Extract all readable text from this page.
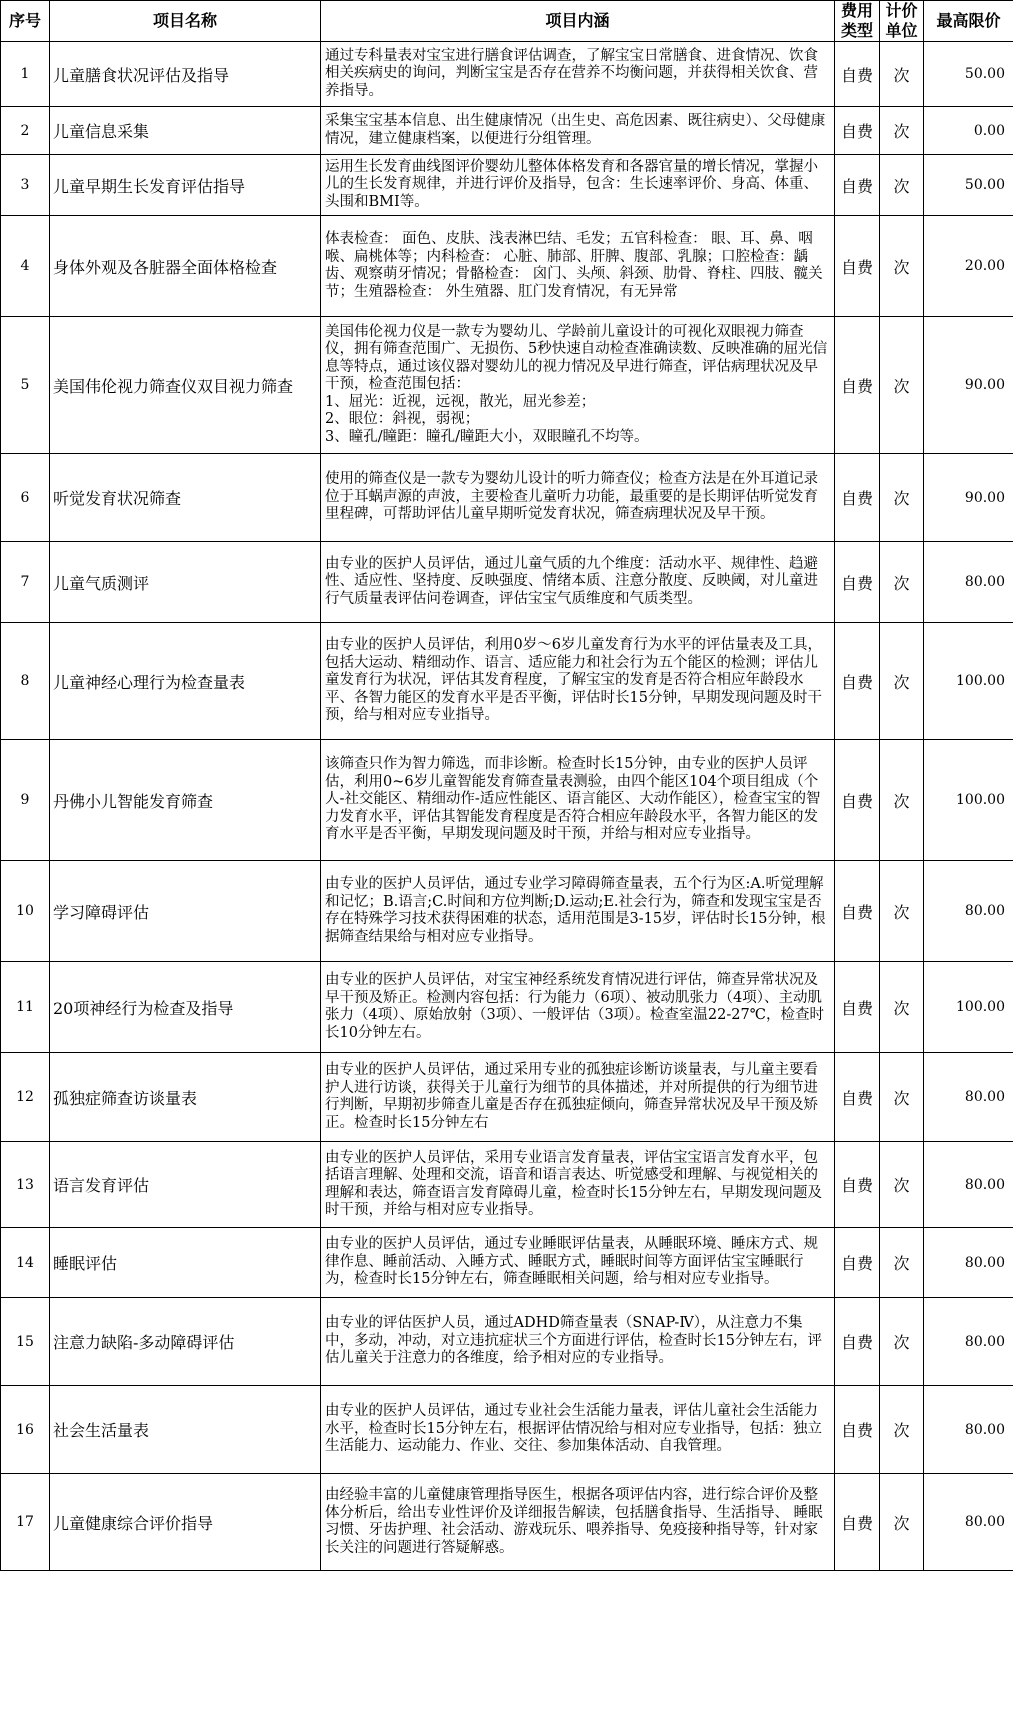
序号	项目名称	项目内涵	费用类型	计价单位	最高限价
1	儿童膳食状况评估及指导	通过专科量表对宝宝进行膳食评估调查，了解宝宝日常膳食、进食情况、饮食相关疾病史的询问，判断宝宝是否存在营养不均衡问题，并获得相关饮食、营养指导。	自费	次	50.00
2	儿童信息采集	采集宝宝基本信息、出生健康情况（出生史、高危因素、既往病史）、父母健康情况，建立健康档案，以便进行分组管理。	自费	次	0.00
3	儿童早期生长发育评估指导	运用生长发育曲线图评价婴幼儿整体体格发育和各器官量的增长情况，掌握小儿的生长发育规律，并进行评价及指导，包含：生长速率评价、身高、体重、头围和BMI等。	自费	次	50.00
4	身体外观及各脏器全面体格检查	体表检查： 面色、皮肤、浅表淋巴结、毛发；五官科检查： 眼、耳、鼻、咽喉、扁桃体等；内科检查： 心脏、肺部、肝脾、腹部、乳腺；口腔检查：龋齿、观察萌牙情况；骨骼检查： 囟门、头颅、斜颈、肋骨、脊柱、四肢、髋关节；生殖器检查： 外生殖器、肛门发育情况，有无异常	自费	次	20.00
5	美国伟伦视力筛查仪双目视力筛查	美国伟伦视力仪是一款专为婴幼儿、学龄前儿童设计的可视化双眼视力筛查仪，拥有筛查范围广、无损伤、5秒快速自动检查准确读数、反映准确的屈光信息等特点，通过该仪器对婴幼儿的视力情况及早进行筛查，评估病理状况及早干预，检查范围包括：
1、屈光：近视，远视，散光，屈光参差；
2、眼位：斜视，弱视；
3、瞳孔/瞳距：瞳孔/瞳距大小，双眼瞳孔不均等。	自费	次	90.00
6	听觉发育状况筛查	使用的筛查仪是一款专为婴幼儿设计的听力筛查仪；检查方法是在外耳道记录位于耳蜗声源的声波，主要检查儿童听力功能，最重要的是长期评估听觉发育里程碑，可帮助评估儿童早期听觉发育状况，筛查病理状况及早干预。	自费	次	90.00
7	儿童气质测评	由专业的医护人员评估，通过儿童气质的九个维度：活动水平、规律性、趋避性、适应性、坚持度、反映强度、情绪本质、注意分散度、反映阈，对儿童进行气质量表评估问卷调查，评估宝宝气质维度和气质类型。	自费	次	80.00
8	儿童神经心理行为检查量表	由专业的医护人员评估，利用0岁～6岁儿童发育行为水平的评估量表及工具，包括大运动、精细动作、语言、适应能力和社会行为五个能区的检测；评估儿童发育行为状况，评估其发育程度，了解宝宝的发育是否符合相应年龄段水平、各智力能区的发育水平是否平衡，评估时长15分钟，早期发现问题及时干预，给与相对应专业指导。	自费	次	100.00
9	丹佛小儿智能发育筛查	该筛查只作为智力筛选，而非诊断。检查时长15分钟，由专业的医护人员评估，利用0~6岁儿童智能发育筛查量表测验，由四个能区104个项目组成（个人-社交能区、精细动作-适应性能区、语言能区、大动作能区），检查宝宝的智力发育水平，评估其智能发育程度是否符合相应年龄段水平，各智力能区的发育水平是否平衡，早期发现问题及时干预，并给与相对应专业指导。	自费	次	100.00
10	学习障碍评估	由专业的医护人员评估，通过专业学习障碍筛查量表，五个行为区:A.听觉理解和记忆；B.语言;C.时间和方位判断;D.运动;E.社会行为，筛查和发现宝宝是否存在特殊学习技术获得困难的状态，适用范围是3-15岁，评估时长15分钟，根据筛查结果给与相对应专业指导。	自费	次	80.00
11	20项神经行为检查及指导	由专业的医护人员评估，对宝宝神经系统发育情况进行评估，筛查异常状况及早干预及矫正。检测内容包括：行为能力（6项）、被动肌张力（4项）、主动肌张力（4项）、原始放射（3项）、一般评估（3项）。检查室温22-27℃，检查时长10分钟左右。	自费	次	100.00
12	孤独症筛查访谈量表	由专业的医护人员评估，通过采用专业的孤独症诊断访谈量表，与儿童主要看护人进行访谈，获得关于儿童行为细节的具体描述，并对所提供的行为细节进行判断，早期初步筛查儿童是否存在孤独症倾向，筛查异常状况及早干预及矫正。检查时长15分钟左右	自费	次	80.00
13	语言发育评估	由专业的医护人员评估，采用专业语言发育量表，评估宝宝语言发育水平，包括语言理解、处理和交流，语音和语言表达、听觉感受和理解、与视觉相关的理解和表达，筛查语言发育障碍儿童，检查时长15分钟左右，早期发现问题及时干预，并给与相对应专业指导。	自费	次	80.00
14	睡眠评估	由专业的医护人员评估，通过专业睡眠评估量表，从睡眠环境、睡床方式、规律作息、睡前活动、入睡方式、睡眠方式，睡眠时间等方面评估宝宝睡眠行为，检查时长15分钟左右，筛查睡眠相关问题，给与相对应专业指导。	自费	次	80.00
15	注意力缺陷-多动障碍评估	由专业的评估医护人员，通过ADHD筛查量表（SNAP-Ⅳ），从注意力不集中，多动，冲动，对立违抗症状三个方面进行评估，检查时长15分钟左右，评估儿童关于注意力的各维度，给予相对应的专业指导。	自费	次	80.00
16	社会生活量表	由专业的医护人员评估，通过专业社会生活能力量表，评估儿童社会生活能力水平，检查时长15分钟左右，根据评估情况给与相对应专业指导，包括：独立生活能力、运动能力、作业、交往、参加集体活动、自我管理。	自费	次	80.00
17	儿童健康综合评价指导	由经验丰富的儿童健康管理指导医生，根据各项评估内容，进行综合评价及整体分析后，给出专业性评价及详细报告解读，包括膳食指导、生活指导、 睡眠习惯、牙齿护理、社会活动、游戏玩乐、喂养指导、免疫接种指导等，针对家长关注的问题进行答疑解惑。	自费	次	80.00
